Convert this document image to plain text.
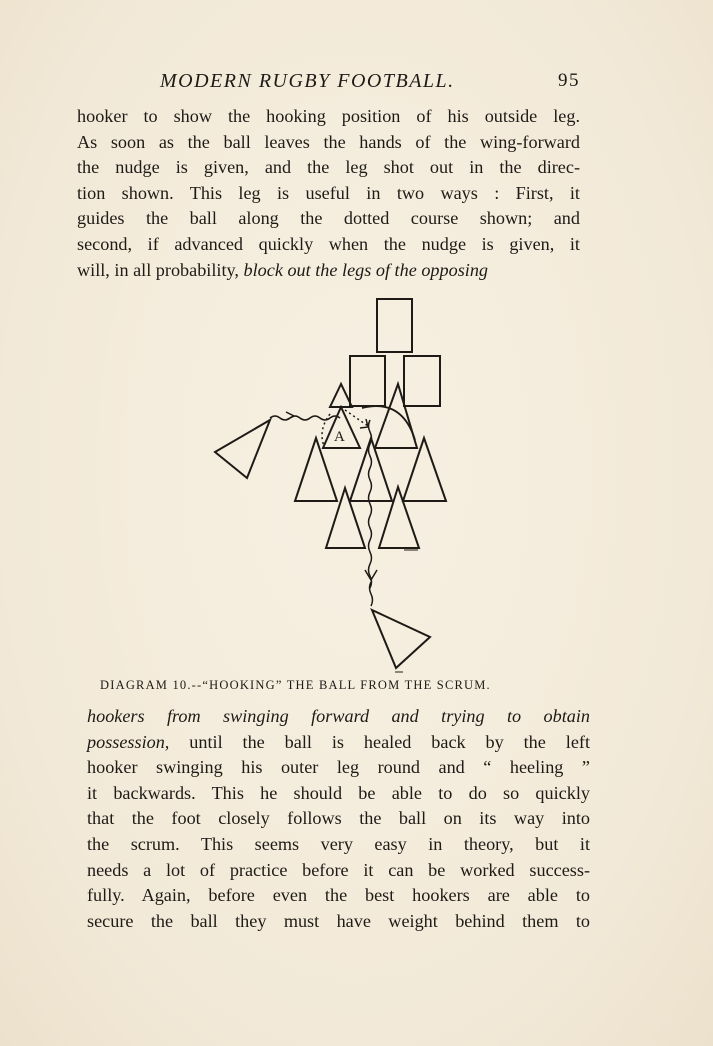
MODERN RUGBY FOOTBALL.	95

hooker to show the hooking position of his outside leg.
As soon as the ball leaves the hands of the wing-forward
the nudge is given, and the leg shot out in the direc-
tion shown. This leg is useful in two ways : First, it
guides the ball along the dotted course shown; and
second, if advanced quickly when the nudge is given, it
will, in all probability, block out the legs of the opposing

A
DIAGRAM 10.--“HOOKING” THE BALL FROM THE SCRUM.

hookers from swinging forward and trying to obtain
possession, until the ball is healed back by the left
hooker swinging his outer leg round and “ heeling ”
it backwards. This he should be able to do so quickly
that the foot closely follows the ball on its way into
the scrum. This seems very easy in theory, but it
needs a lot of practice before it can be worked success-
fully. Again, before even the best hookers are able to
secure the ball they must have weight behind them to
